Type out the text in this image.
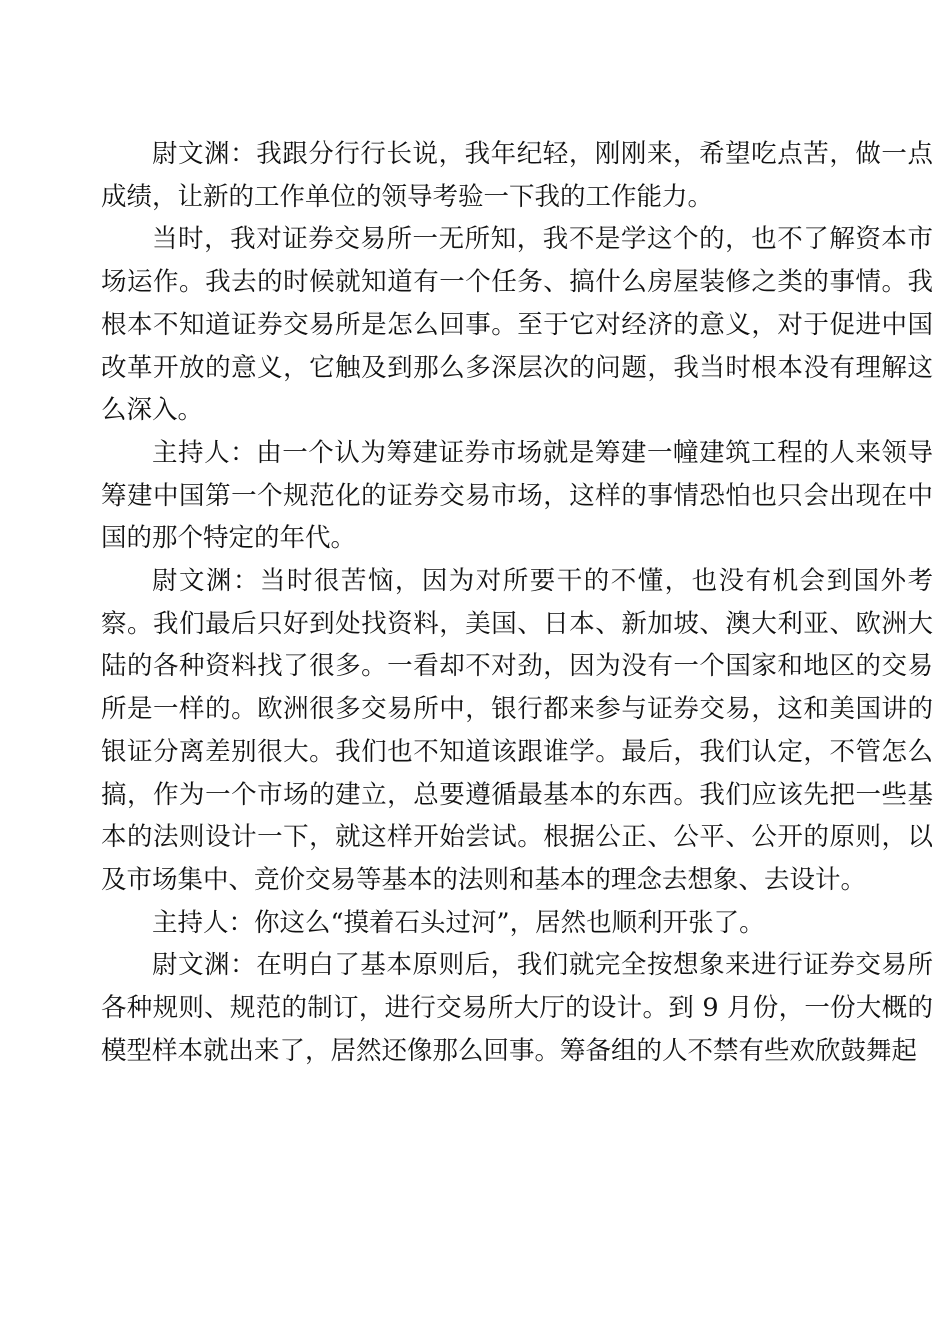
尉文渊：我跟分行行长说，我年纪轻，刚刚来，希望吃点苦，做一点成绩，让新的工作单位的领导考验一下我的工作能力。

当时，我对证券交易所一无所知，我不是学这个的，也不了解资本市场运作。我去的时候就知道有一个任务、搞什么房屋装修之类的事情。我根本不知道证券交易所是怎么回事。至于它对经济的意义，对于促进中国改革开放的意义，它触及到那么多深层次的问题，我当时根本没有理解这么深入。

主持人：由一个认为筹建证券市场就是筹建一幢建筑工程的人来领导筹建中国第一个规范化的证券交易市场，这样的事情恐怕也只会出现在中国的那个特定的年代。

尉文渊：当时很苦恼，因为对所要干的不懂，也没有机会到国外考察。我们最后只好到处找资料，美国、日本、新加坡、澳大利亚、欧洲大陆的各种资料找了很多。一看却不对劲，因为没有一个国家和地区的交易所是一样的。欧洲很多交易所中，银行都来参与证券交易，这和美国讲的银证分离差别很大。我们也不知道该跟谁学。最后，我们认定，不管怎么搞，作为一个市场的建立，总要遵循最基本的东西。我们应该先把一些基本的法则设计一下，就这样开始尝试。根据公正、公平、公开的原则，以及市场集中、竞价交易等基本的法则和基本的理念去想象、去设计。

主持人：你这么“摸着石头过河”，居然也顺利开张了。

尉文渊：在明白了基本原则后，我们就完全按想象来进行证券交易所各种规则、规范的制订，进行交易所大厅的设计。到 9 月份，一份大概的模型样本就出来了，居然还像那么回事。筹备组的人不禁有些欢欣鼓舞起
